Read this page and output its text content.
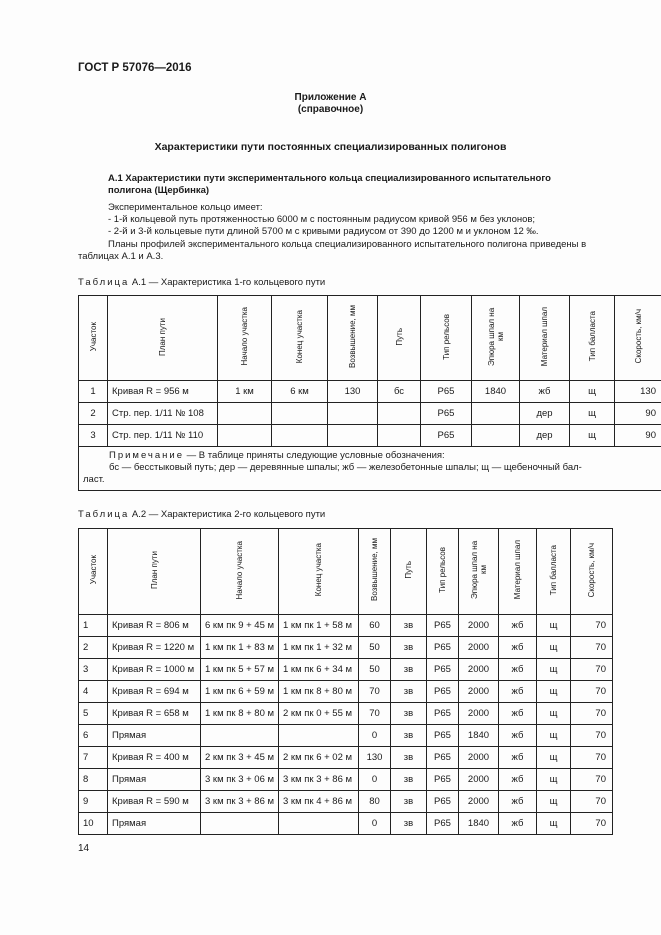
ГОСТ Р 57076—2016
Приложение А
(справочное)
Характеристики пути постоянных специализированных полигонов
А.1 Характеристики пути экспериментального кольца специализированного испытательного
полигона (Щербинка)
Экспериментальное кольцо имеет:
- 1-й кольцевой путь протяженностью 6000 м с постоянным радиусом кривой 956 м без уклонов;
- 2-й и 3-й кольцевые пути длиной 5700 м с кривыми радиусом от 390 до 1200 м и уклоном 12 ‰.
Планы профилей экспериментального кольца специализированного испытательного полигона приведены в
таблицах А.1 и А.3.
Таблица А.1 — Характеристика 1-го кольцевого пути
Участок	План пути	Начало участка	Конец участка	Возвышение, мм	Путь	Тип рельсов	Эпюра шпал на км	Материал шпал	Тип балласта	Скорость, км/ч
1	Кривая R = 956 м	1 км	6 км	130	бс	Р65	1840	жб	щ	130
2	Стр. пер. 1/11 № 108					Р65		дер	щ	90
3	Стр. пер. 1/11 № 110					Р65		дер	щ	90

Примечание — В таблице приняты следующие условные обозначения:
бс — бесстыковый путь; дер — деревянные шпалы; жб — железобетонные шпалы; щ — щебеночный бал-
ласт.										
Таблица А.2 — Характеристика 2-го кольцевого пути
Участок	План пути	Начало участка	Конец участка	Возвышение, мм	Путь	Тип рельсов	Эпюра шпал на км	Материал шпал	Тип балласта	Скорость, км/ч
1	Кривая R = 806 м	6 км пк 9 + 45 м	1 км пк 1 + 58 м	60	зв	Р65	2000	жб	щ	70
2	Кривая R = 1220 м	1 км пк 1 + 83 м	1 км пк 1 + 32 м	50	зв	Р65	2000	жб	щ	70
3	Кривая R = 1000 м	1 км пк 5 + 57 м	1 км пк 6 + 34 м	50	зв	Р65	2000	жб	щ	70
4	Кривая R = 694 м	1 км пк 6 + 59 м	1 км пк 8 + 80 м	70	зв	Р65	2000	жб	щ	70
5	Кривая R = 658 м	1 км пк 8 + 80 м	2 км пк 0 + 55 м	70	зв	Р65	2000	жб	щ	70
6	Прямая			0	зв	Р65	1840	жб	щ	70
7	Кривая R = 400 м	2 км пк 3 + 45 м	2 км пк 6 + 02 м	130	зв	Р65	2000	жб	щ	70
8	Прямая	3 км пк 3 + 06 м	3 км пк 3 + 86 м	0	зв	Р65	2000	жб	щ	70
9	Кривая R = 590 м	3 км пк 3 + 86 м	3 км пк 4 + 86 м	80	зв	Р65	2000	жб	щ	70
10	Прямая			0	зв	Р65	1840	жб	щ	70
14
